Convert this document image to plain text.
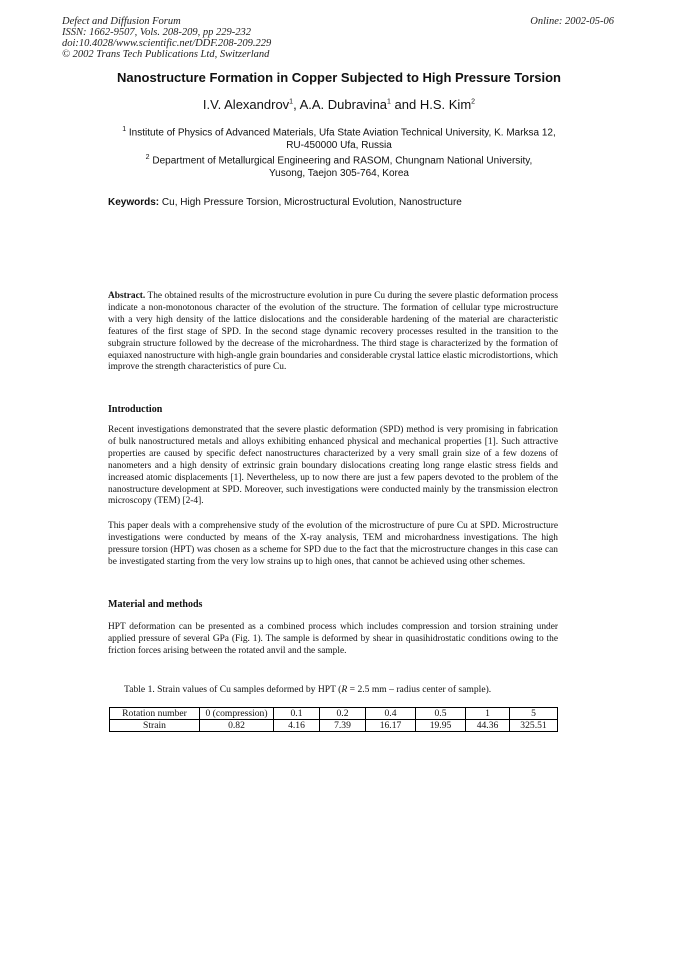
Defect and Diffusion Forum
ISSN: 1662-9507, Vols. 208-209, pp 229-232
doi:10.4028/www.scientific.net/DDF.208-209.229
© 2002 Trans Tech Publications Ltd, Switzerland
Online: 2002-05-06
Nanostructure Formation in Copper Subjected to High Pressure Torsion
I.V. Alexandrov$^1$, A.A. Dubravina$^1$ and H.S. Kim$^2$
$^1$ Institute of Physics of Advanced Materials, Ufa State Aviation Technical University, K. Marksa 12,
RU-450000 Ufa, Russia
$^2$ Department of Metallurgical Engineering and RASOM, Chungnam National University,
Yusong, Taejon 305-764, Korea
Keywords: Cu, High Pressure Torsion, Microstructural Evolution, Nanostructure

Abstract. The obtained results of the microstructure evolution in pure Cu during the severe plastic deformation process indicate a non-monotonous character of the evolution of the structure. The formation of cellular type microstructure with a very high density of the lattice dislocations and the considerable hardening of the material are characteristic features of the first stage of SPD. In the second stage dynamic recovery processes resulted in the transition to the subgrain structure followed by the decrease of the microhardness. The third stage is characterized by the formation of equiaxed nanostructure with high-angle grain boundaries and considerable crystal lattice elastic microdistortions, which improve the strength characteristics of pure Cu.

Introduction

Recent investigations demonstrated that the severe plastic deformation (SPD) method is very promising in fabrication of bulk nanostructured metals and alloys exhibiting enhanced physical and mechanical properties [1]. Such attractive properties are caused by specific defect nanostructures characterized by a very small grain size of a few dozens of nanometers and a high density of extrinsic grain boundary dislocations creating long range elastic stress fields and increased atomic displacements [1]. Nevertheless, up to now there are just a few papers devoted to the problem of the nanostructure development at SPD. Moreover, such investigations were conducted mainly by the transmission electron microscopy (TEM) [2-4].

This paper deals with a comprehensive study of the evolution of the microstructure of pure Cu at SPD. Microstructure investigations were conducted by means of the X-ray analysis, TEM and microhardness investigations. The high pressure torsion (HPT) was chosen as a scheme for SPD due to the fact that the microstructure changes in this case can be investigated starting from the very low strains up to high ones, that cannot be achieved using other schemes.

Material and methods

HPT deformation can be presented as a combined process which includes compression and torsion straining under applied pressure of several GPa (Fig. 1). The sample is deformed by shear in quasihidrostatic conditions owing to the friction forces arising between the rotated anvil and the sample.

Table 1. Strain values of Cu samples deformed by HPT (R = 2.5 mm – radius center of sample).
Rotation number	0 (compression)	0.1	0.2	0.4	0.5	1	5
Strain	0.82	4.16	7.39	16.17	19.95	44.36	325.51
